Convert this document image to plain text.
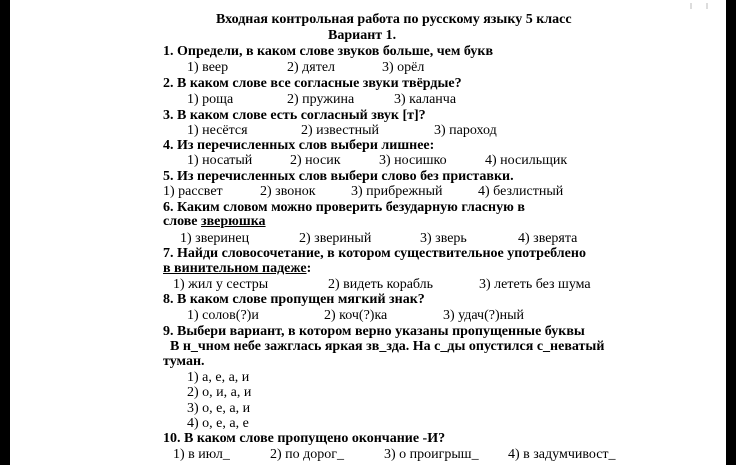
Входная контрольная работа по русскому языку 5 класс
Вариант 1.
1. Определи, в каком слове звуков больше, чем букв
1) веер	2) дятел	3) орёл
2. В каком слове все согласные звуки твёрдые?
1) роща	2) пружина	3) каланча
3. В каком слове есть согласный звук [т]?
1) несётся	2) известный	3) пароход
4. Из перечисленных слов выбери лишнее:
1) носатый	2) носик	3) носишко	4) носильщик
5. Из перечисленных слов выбери слово без приставки.
1) рассвет	2) звонок	3) прибрежный	4) безлистный
6. Каким словом можно проверить безударную гласную в
слове зверюшка
1) зверинец	2) звериный	3) зверь	4) зверята
7. Найди словосочетание, в котором существительное употреблено
в винительном падеже:
1) жил у сестры	2) видеть корабль	3) лететь без шума
8. В каком слове пропущен мягкий знак?
1) солов(?)и	2) коч(?)ка	3) удач(?)ный
9. Выбери вариант, в котором верно указаны пропущенные буквы
В н_чном небе зажглась яркая зв_зда. На с_ды опустился с_неватый
туман.
1) а, е, а, и
2) о, и, а, и
3) о, е, а, и
4) о, е, а, е
10. В каком слове пропущено окончание -И?
1) в июл_	2) по дорог_	3) о проигрыш_ 4) в задумчивост_
